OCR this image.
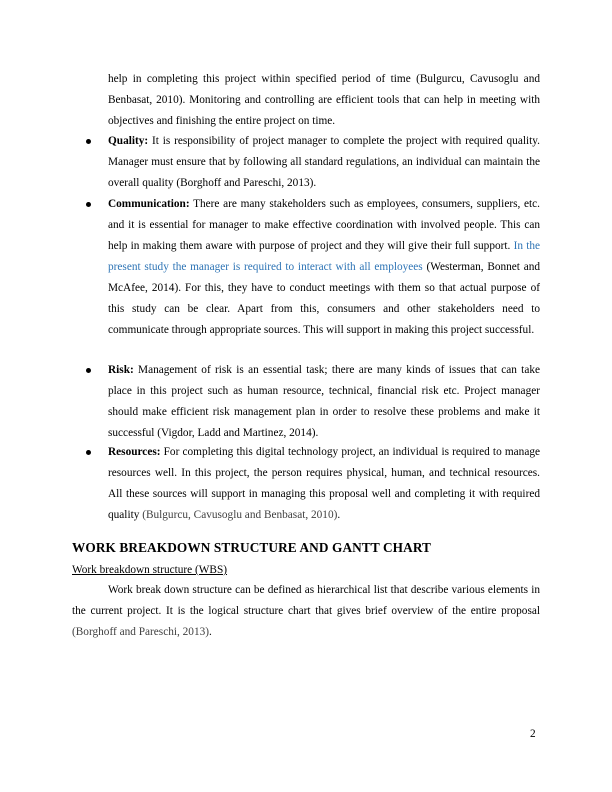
help in completing this project within specified period of time (Bulgurcu, Cavusoglu and Benbasat, 2010). Monitoring and controlling are efficient tools that can help in meeting with objectives and finishing the entire project on time.

Quality: It is responsibility of project manager to complete the project with required quality. Manager must ensure that by following all standard regulations, an individual can maintain the overall quality (Borghoff and Pareschi, 2013).
Communication: There are many stakeholders such as employees, consumers, suppliers, etc. and it is essential for manager to make effective coordination with involved people. This can help in making them aware with purpose of project and they will give their full support. In the present study the manager is required to interact with all employees (Westerman, Bonnet and McAfee, 2014). For this, they have to conduct meetings with them so that actual purpose of this study can be clear. Apart from this, consumers and other stakeholders need to communicate through appropriate sources. This will support in making this project successful.
Risk: Management of risk is an essential task; there are many kinds of issues that can take place in this project such as human resource, technical, financial risk etc. Project manager should make efficient risk management plan in order to resolve these problems and make it successful (Vigdor, Ladd and Martinez, 2014).
Resources: For completing this digital technology project, an individual is required to manage resources well. In this project, the person requires physical, human, and technical resources. All these sources will support in managing this proposal well and completing it with required quality (Bulgurcu, Cavusoglu and Benbasat, 2010).
WORK BREAKDOWN STRUCTURE AND GANTT CHART

Work breakdown structure (WBS)

Work break down structure can be defined as hierarchical list that describe various elements in the current project. It is the logical structure chart that gives brief overview of the entire proposal (Borghoff and Pareschi, 2013).

2
